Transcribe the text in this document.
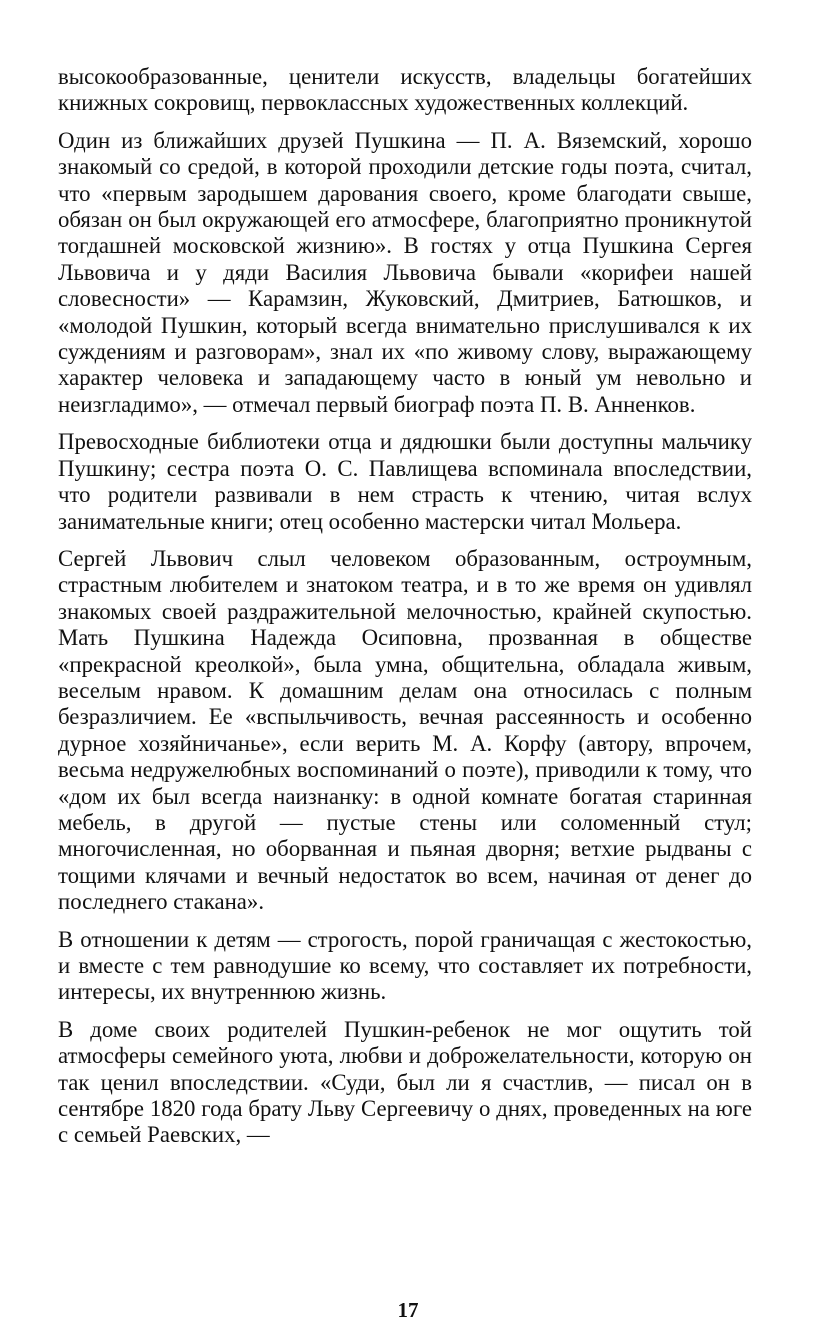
высокообразованные, ценители искусств, владельцы богатейших книжных сокровищ, первоклассных художественных коллекций.

Один из ближайших друзей Пушкина — П. А. Вяземский, хорошо знакомый со средой, в которой проходили детские годы поэта, считал, что «первым зародышем дарования своего, кроме благодати свыше, обязан он был окружающей его атмосфере, благоприятно проникнутой тогдашней московской жизнию». В гостях у отца Пушкина Сергея Львовича и у дяди Василия Львовича бывали «корифеи нашей словесности» — Карамзин, Жуковский, Дмитриев, Батюшков, и «молодой Пушкин, который всегда внимательно прислушивался к их суждениям и разговорам», знал их «по живому слову, выражающему характер человека и западающему часто в юный ум невольно и неизгладимо», — отмечал первый биограф поэта П. В. Анненков.

Превосходные библиотеки отца и дядюшки были доступны мальчику Пушкину; сестра поэта О. С. Павлищева вспоминала впоследствии, что родители развивали в нем страсть к чтению, читая вслух занимательные книги; отец особенно мастерски читал Мольера.

Сергей Львович слыл человеком образованным, остроумным, страстным любителем и знатоком театра, и в то же время он удивлял знакомых своей раздражительной мелочностью, крайней скупостью. Мать Пушкина Надежда Осиповна, прозванная в обществе «прекрасной креолкой», была умна, общительна, обладала живым, веселым нравом. К домашним делам она относилась с полным безразличием. Ее «вспыльчивость, вечная рассеянность и особенно дурное хозяйничанье», если верить М. А. Корфу (автору, впрочем, весьма недружелюбных воспоминаний о поэте), приводили к тому, что «дом их был всегда наизнанку: в одной комнате богатая старинная мебель, в другой — пустые стены или соломенный стул; многочисленная, но оборванная и пьяная дворня; ветхие рыдваны с тощими клячами и вечный недостаток во всем, начиная от денег до последнего стакана».

В отношении к детям — строгость, порой граничащая с жестокостью, и вместе с тем равнодушие ко всему, что составляет их потребности, интересы, их внутреннюю жизнь.

В доме своих родителей Пушкин-ребенок не мог ощутить той атмосферы семейного уюта, любви и доброжелательности, которую он так ценил впоследствии. «Суди, был ли я счастлив, — писал он в сентябре 1820 года брату Льву Сергеевичу о днях, проведенных на юге с семьей Раевских, —

17
